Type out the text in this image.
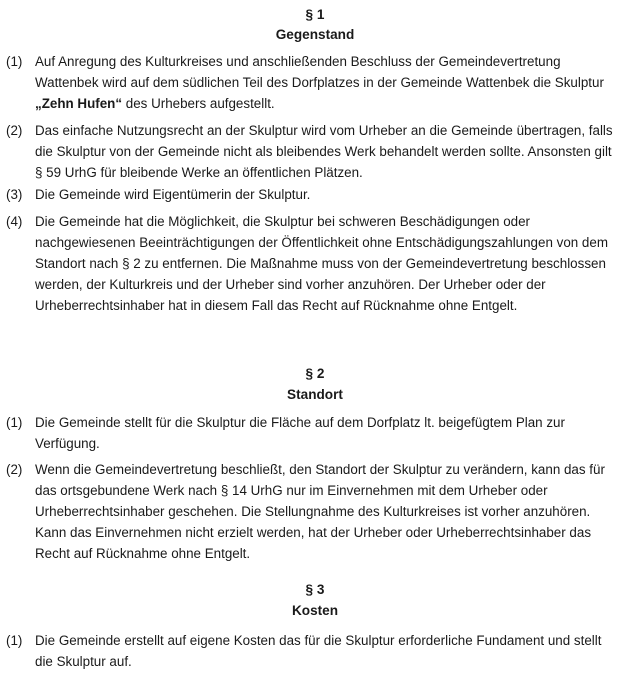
§ 1
Gegenstand
(1) Auf Anregung des Kulturkreises und anschließenden Beschluss der Gemeindevertretung Wattenbek wird auf dem südlichen Teil des Dorfplatzes in der Gemeinde Wattenbek die Skulptur „Zehn Hufen“ des Urhebers aufgestellt.
(2) Das einfache Nutzungsrecht an der Skulptur wird vom Urheber an die Gemeinde übertragen, falls die Skulptur von der Gemeinde nicht als bleibendes Werk behandelt werden sollte. Ansonsten gilt § 59 UrhG für bleibende Werke an öffentlichen Plätzen.
(3) Die Gemeinde wird Eigentümerin der Skulptur.
(4) Die Gemeinde hat die Möglichkeit, die Skulptur bei schweren Beschädigungen oder nachgewiesenen Beeinträchtigungen der Öffentlichkeit ohne Entschädigungszahlungen von dem Standort nach § 2 zu entfernen. Die Maßnahme muss von der Gemeindevertretung beschlossen werden, der Kulturkreis und der Urheber sind vorher anzuhören. Der Urheber oder der Urheberrechtsinhaber hat in diesem Fall das Recht auf Rücknahme ohne Entgelt.
§ 2
Standort
(1) Die Gemeinde stellt für die Skulptur die Fläche auf dem Dorfplatz lt. beigefügtem Plan zur Verfügung.
(2) Wenn die Gemeindevertretung beschließt, den Standort der Skulptur zu verändern, kann das für das ortsgebundene Werk nach § 14 UrhG nur im Einvernehmen mit dem Urheber oder Urheberrechtsinhaber geschehen. Die Stellungnahme des Kulturkreises ist vorher anzuhören. Kann das Einvernehmen nicht erzielt werden, hat der Urheber oder Urheberrechtsinhaber das Recht auf Rücknahme ohne Entgelt.
§ 3
Kosten
(1) Die Gemeinde erstellt auf eigene Kosten das für die Skulptur erforderliche Fundament und stellt die Skulptur auf.
